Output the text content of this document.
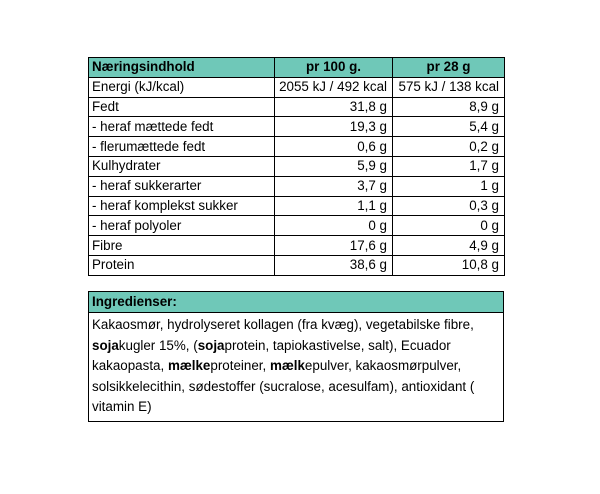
Næringsindhold	pr 100 g.	pr 28 g
Energi (kJ/kcal)	2055 kJ / 492 kcal	575 kJ / 138 kcal
Fedt	31,8 g	8,9 g
- heraf mættede fedt	19,3 g	5,4 g
- flerumættede fedt	0,6 g	0,2 g
Kulhydrater	5,9 g	1,7 g
- heraf sukkerarter	3,7 g	1 g
- heraf komplekst sukker	1,1 g	0,3 g
- heraf polyoler	0 g	0 g
Fibre	17,6 g	4,9 g
Protein	38,6 g	10,8 g
Ingredienser:
Kakaosmør, hydrolyseret kollagen (fra kvæg), vegetabilske fibre, sojakugler 15%, (sojaprotein, tapiokastivelse, salt), Ecuador kakaopasta, mælkeproteiner, mælkepulver, kakaosmørpulver, solsikkelecithin, sødestoffer (sucralose, acesulfam), antioxidant ( vitamin E)
